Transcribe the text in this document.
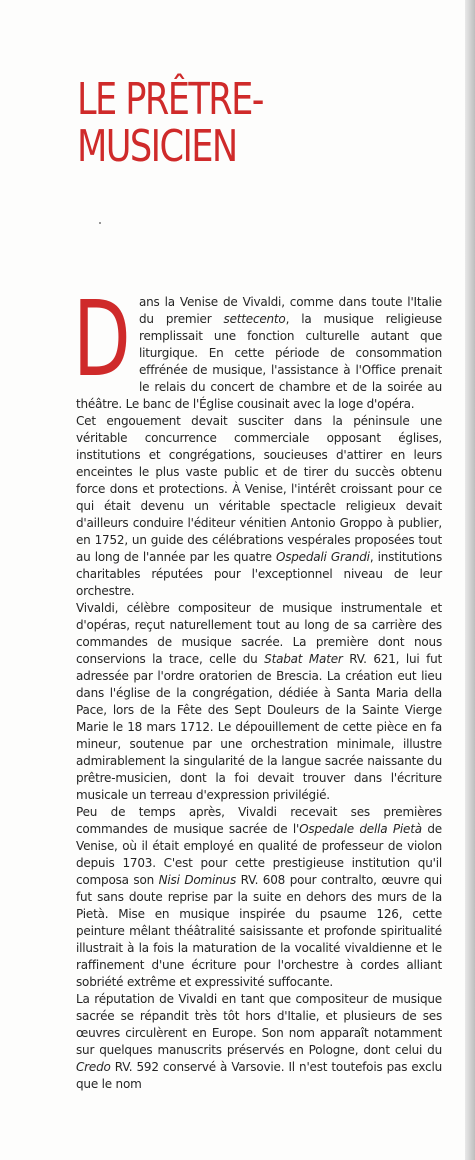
LE PRÊTRE-
MUSICIEN

Dans la Venise de Vivaldi, comme dans toute l'Italie du premier settecento, la musique religieuse remplissait une fonction culturelle autant que liturgique. En cette période de consommation effrénée de musique, l'assistance à l'Office prenait le relais du concert de chambre et de la soirée au théâtre. Le banc de l'Église cousinait avec la loge d'opéra.

Cet engouement devait susciter dans la péninsule une véritable concurrence commerciale opposant églises, institutions et congrégations, soucieuses d'attirer en leurs enceintes le plus vaste public et de tirer du succès obtenu force dons et protections. À Venise, l'intérêt croissant pour ce qui était devenu un véritable spectacle religieux devait d'ailleurs conduire l'éditeur vénitien Antonio Groppo à publier, en 1752, un guide des célébrations vespérales proposées tout au long de l'année par les quatre Ospedali Grandi, institutions charitables réputées pour l'exceptionnel niveau de leur orchestre.

Vivaldi, célèbre compositeur de musique instrumentale et d'opéras, reçut naturellement tout au long de sa carrière des commandes de musique sacrée. La première dont nous conservions la trace, celle du Stabat Mater RV. 621, lui fut adressée par l'ordre oratorien de Brescia. La création eut lieu dans l'église de la congrégation, dédiée à Santa Maria della Pace, lors de la Fête des Sept Douleurs de la Sainte Vierge Marie le 18 mars 1712. Le dépouillement de cette pièce en fa mineur, soutenue par une orchestration minimale, illustre admirablement la singularité de la langue sacrée naissante du prêtre-musicien, dont la foi devait trouver dans l'écriture musicale un terreau d'expression privilégié.

Peu de temps après, Vivaldi recevait ses premières commandes de musique sacrée de l'Ospedale della Pietà de Venise, où il était employé en qualité de professeur de violon depuis 1703. C'est pour cette prestigieuse institution qu'il composa son Nisi Dominus RV. 608 pour contralto, œuvre qui fut sans doute reprise par la suite en dehors des murs de la Pietà. Mise en musique inspirée du psaume 126, cette peinture mêlant théâtralité saisissante et profonde spiritualité illustrait à la fois la maturation de la vocalité vivaldienne et le raffinement d'une écriture pour l'orchestre à cordes alliant sobriété extrême et expressivité suffocante.

La réputation de Vivaldi en tant que compositeur de musique sacrée se répandit très tôt hors d'Italie, et plusieurs de ses œuvres circulèrent en Europe. Son nom apparaît notamment sur quelques manuscrits préservés en Pologne, dont celui du Credo RV. 592 conservé à Varsovie. Il n'est toutefois pas exclu que le nom
